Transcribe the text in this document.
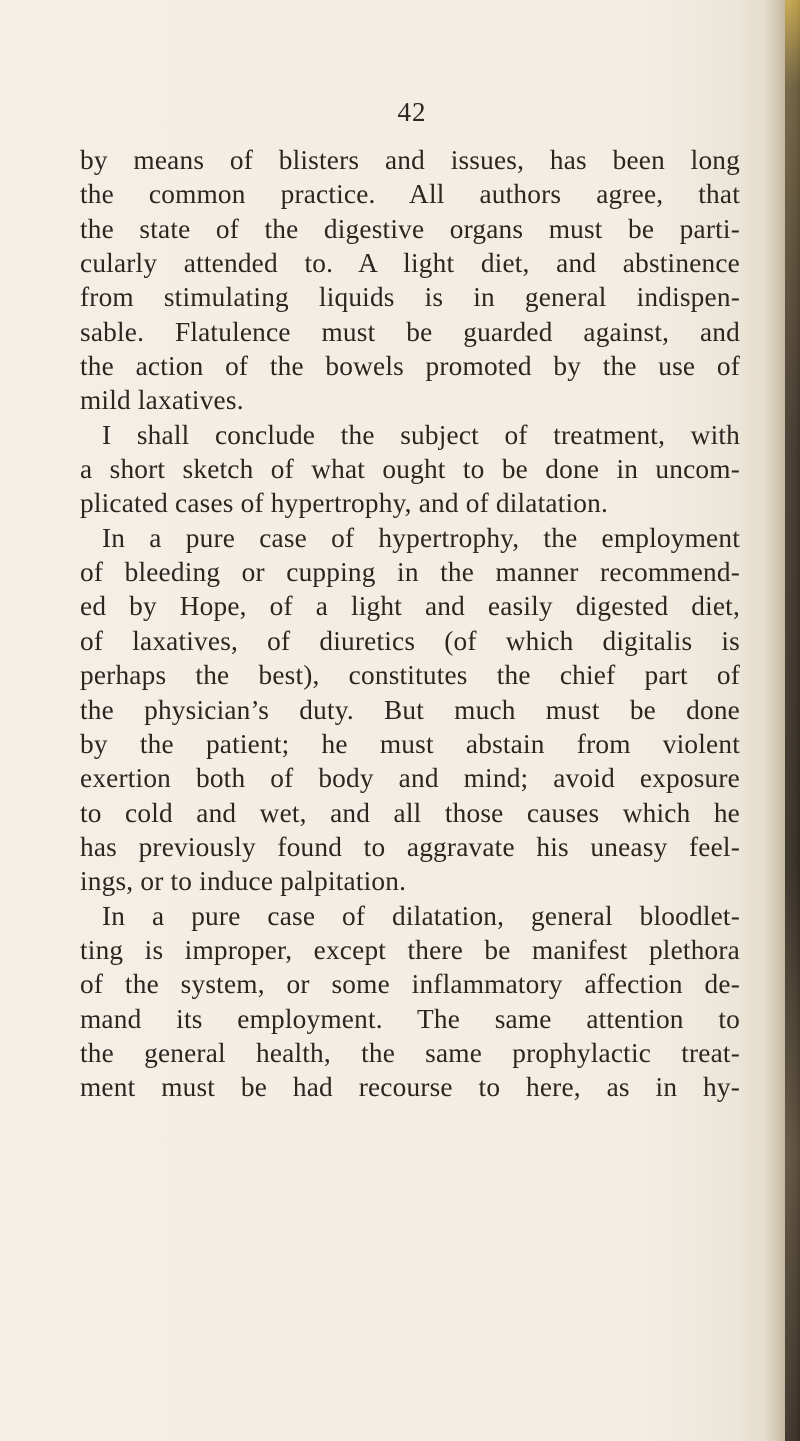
42
by means of blisters and issues, has been long
the common practice. All authors agree, that
the state of the digestive organs must be parti-
cularly attended to. A light diet, and abstinence
from stimulating liquids is in general indispen-
sable. Flatulence must be guarded against, and
the action of the bowels promoted by the use of
mild laxatives.
I shall conclude the subject of treatment, with
a short sketch of what ought to be done in uncom-
plicated cases of hypertrophy, and of dilatation.
In a pure case of hypertrophy, the employment
of bleeding or cupping in the manner recommend-
ed by Hope, of a light and easily digested diet,
of laxatives, of diuretics (of which digitalis is
perhaps the best), constitutes the chief part of
the physician’s duty. But much must be done
by the patient; he must abstain from violent
exertion both of body and mind; avoid exposure
to cold and wet, and all those causes which he
has previously found to aggravate his uneasy feel-
ings, or to induce palpitation.
In a pure case of dilatation, general bloodlet-
ting is improper, except there be manifest plethora
of the system, or some inflammatory affection de-
mand its employment. The same attention to
the general health, the same prophylactic treat-
ment must be had recourse to here, as in hy-
